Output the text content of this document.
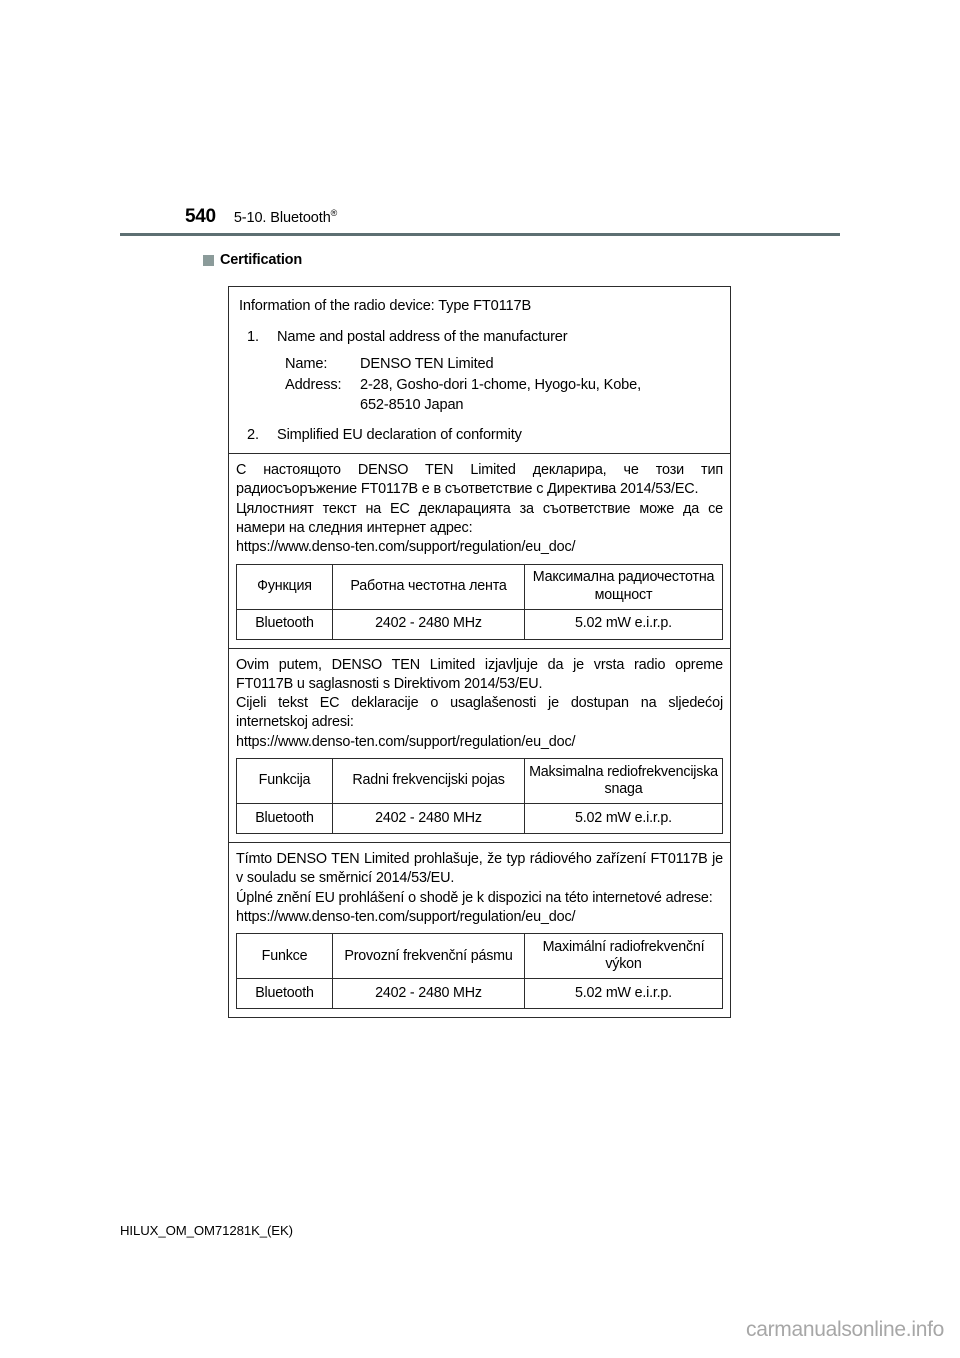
540 5-10. Bluetooth®
Certification
Information of the radio device: Type FT0117B
1.	Name and postal address of the manufacturer
Name:	DENSO TEN Limited
Address:	2-28, Gosho-dori 1-chome, Hyogo-ku, Kobe,
652-8510 Japan
2.	Simplified EU declaration of conformity

С настоящото DENSO TEN Limited декларира, че този тип радиосъоръжение FT0117B е в съответствие с Директива 2014/53/ЕС.

Цялостният текст на ЕС декларацията за съответствие може да се намери на следния интернет адрес:

https://www.denso-ten.com/support/regulation/eu_doc/

Функция	Работна честотна лента	Максимална радиочестотна мощност
Bluetooth	2402 - 2480 MHz	5.02 mW e.i.r.p.

Ovim putem, DENSO TEN Limited izjavljuje da je vrsta radio opreme FT0117B u saglasnosti s Direktivom 2014/53/EU.

Cijeli tekst EC deklaracije o usaglašenosti je dostupan na sljedećoj internetskoj adresi:

https://www.denso-ten.com/support/regulation/eu_doc/

Funkcija	Radni frekvencijski pojas	Maksimalna rediofrekvencijska snaga
Bluetooth	2402 - 2480 MHz	5.02 mW e.i.r.p.

Tímto DENSO TEN Limited prohlašuje, že typ rádiového zařízení FT0117B je v souladu se směrnicí 2014/53/EU.

Úplné znění EU prohlášení o shodě je k dispozici na této internetové adrese:

https://www.denso-ten.com/support/regulation/eu_doc/

Funkce	Provozní frekvenční pásmu	Maximální radiofrekvenční výkon
Bluetooth	2402 - 2480 MHz	5.02 mW e.i.r.p.
HILUX_OM_OM71281K_(EK)
carmanualsonline.info
